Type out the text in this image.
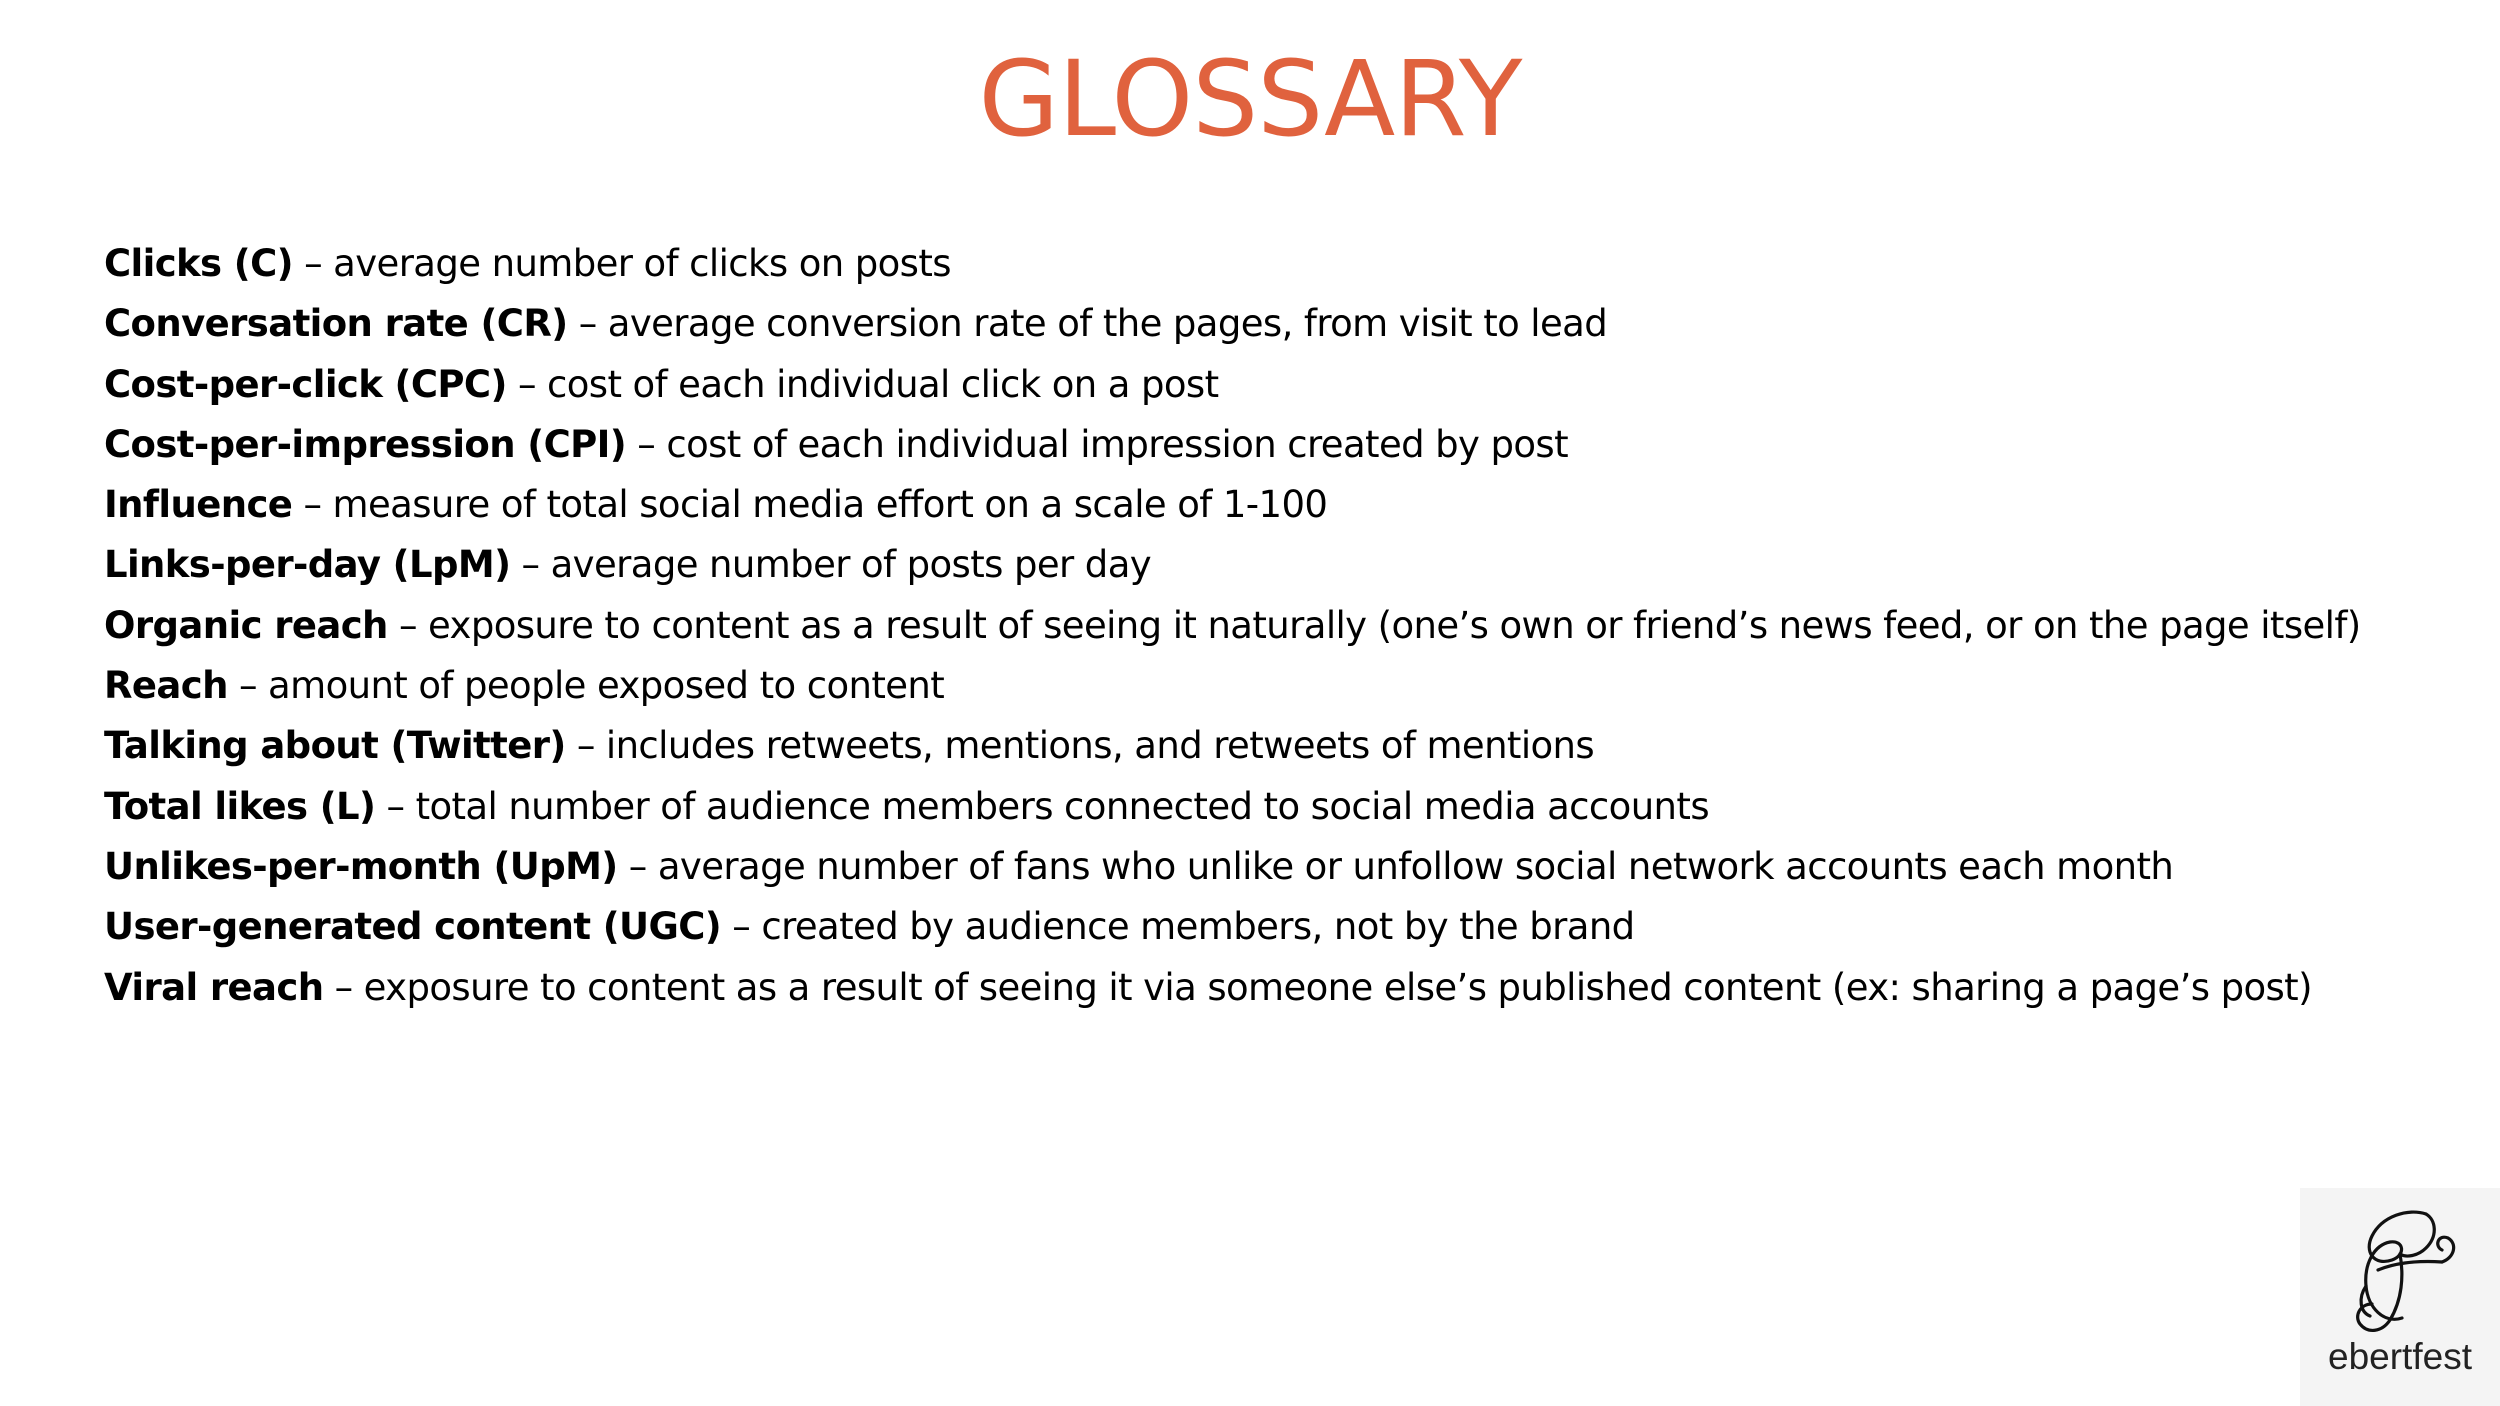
GLOSSARY
Clicks (C) – average number of clicks on posts
Conversation rate (CR) – average conversion rate of the pages, from visit to lead
Cost-per-click (CPC) – cost of each individual click on a post
Cost-per-impression (CPI) – cost of each individual impression created by post
Influence – measure of total social media effort on a scale of 1-100
Links-per-day (LpM) – average number of posts per day
Organic reach – exposure to content as a result of seeing it naturally (one’s own or friend’s news feed, or on the page itself)
Reach – amount of people exposed to content
Talking about (Twitter) – includes retweets, mentions, and retweets of mentions
Total likes (L) – total number of audience members connected to social media accounts
Unlikes-per-month (UpM) – average number of fans who unlike or unfollow social network accounts each month
User-generated content (UGC) – created by audience members, not by the brand
Viral reach – exposure to content as a result of seeing it via someone else’s published content (ex: sharing a page’s post)
ebertfest
